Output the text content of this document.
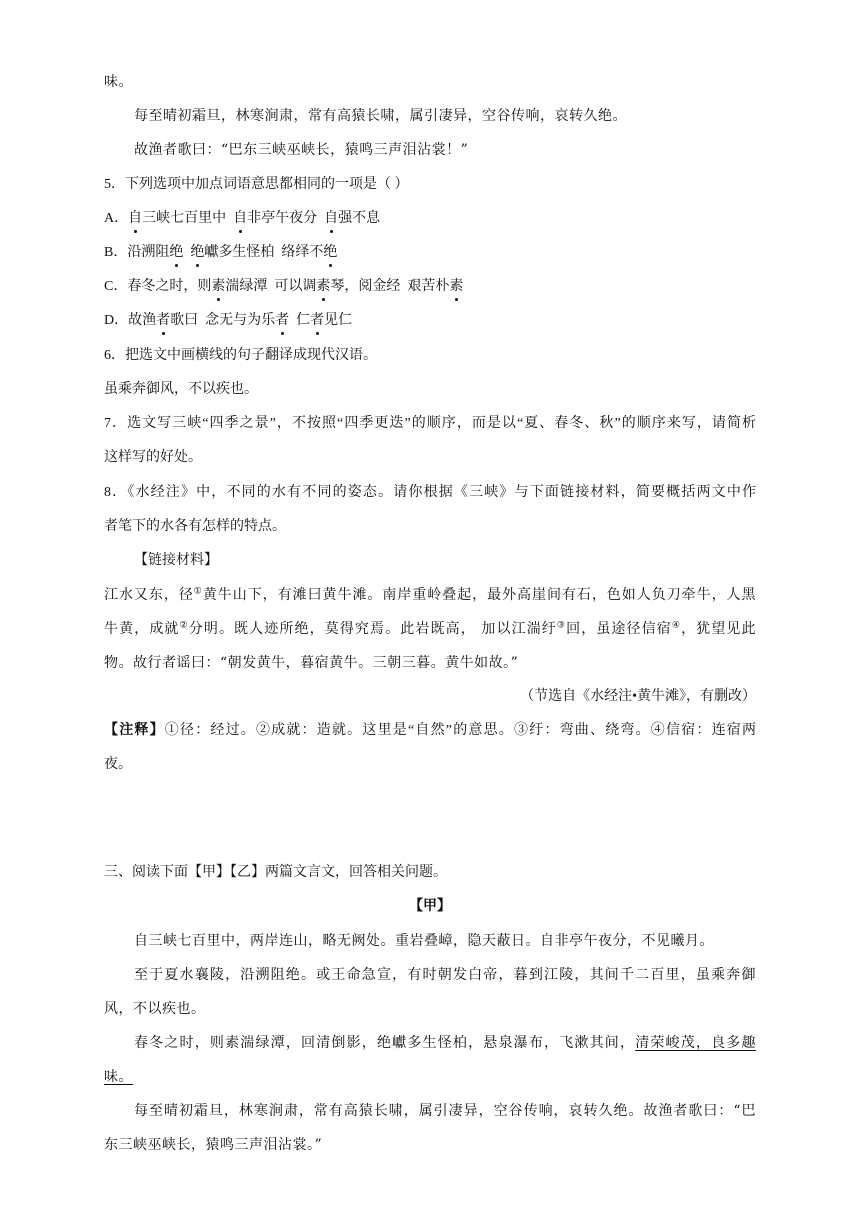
味。
每至晴初霜旦，林寒涧肃，常有高猿长啸，属引凄异，空谷传响，哀转久绝。
故渔者歌曰：“巴东三峡巫峡长，猿鸣三声泪沾裳！”
5．下列选项中加点词语意思都相同的一项是（ ）
A．自三峡七百里中 自非亭午夜分 自强不息
B．沿溯阻绝 绝巘多生怪柏 络绎不绝
C．春冬之时，则素湍绿潭 可以调素琴，阅金经 艰苦朴素
D．故渔者歌曰 念无与为乐者 仁者见仁
6．把选文中画横线的句子翻译成现代汉语。
虽乘奔御风，不以疾也。
7．选文写三峡“四季之景”，不按照“四季更迭”的顺序，而是以“夏、春冬、秋”的顺序来写，请简析
这样写的好处。
8．《水经注》中，不同的水有不同的姿态。请你根据《三峡》与下面链接材料，简要概括两文中作
者笔下的水各有怎样的特点。
【链接材料】
江水又东，径①黄牛山下，有滩曰黄牛滩。南岸重岭叠起，最外高崖间有石，色如人负刀牵牛，人黑
牛黄，成就②分明。既人迹所绝，莫得究焉。此岩既高， 加以江湍纡③回，虽途径信宿④，犹望见此
物。故行者谣曰：“朝发黄牛，暮宿黄牛。三朝三暮。黄牛如故。”
（节选自《水经注•黄牛滩》，有删改）
【注释】①径：经过。②成就：造就。这里是“自然”的意思。③纡：弯曲、绕弯。④信宿：连宿两
夜。
三、阅读下面【甲】【乙】两篇文言文，回答相关问题。
【甲】
自三峡七百里中，两岸连山，略无阙处。重岩叠嶂，隐天蔽日。自非亭午夜分，不见曦月。
至于夏水襄陵，沿溯阻绝。或王命急宣，有时朝发白帝，暮到江陵，其间千二百里，虽乘奔御
风，不以疾也。
春冬之时，则素湍绿潭，回清倒影，绝巘多生怪柏，悬泉瀑布，飞漱其间，清荣峻茂，良多趣
味。
每至晴初霜旦，林寒涧肃，常有高猿长啸，属引凄异，空谷传响，哀转久绝。故渔者歌曰：“巴
东三峡巫峡长，猿鸣三声泪沾裳。”
